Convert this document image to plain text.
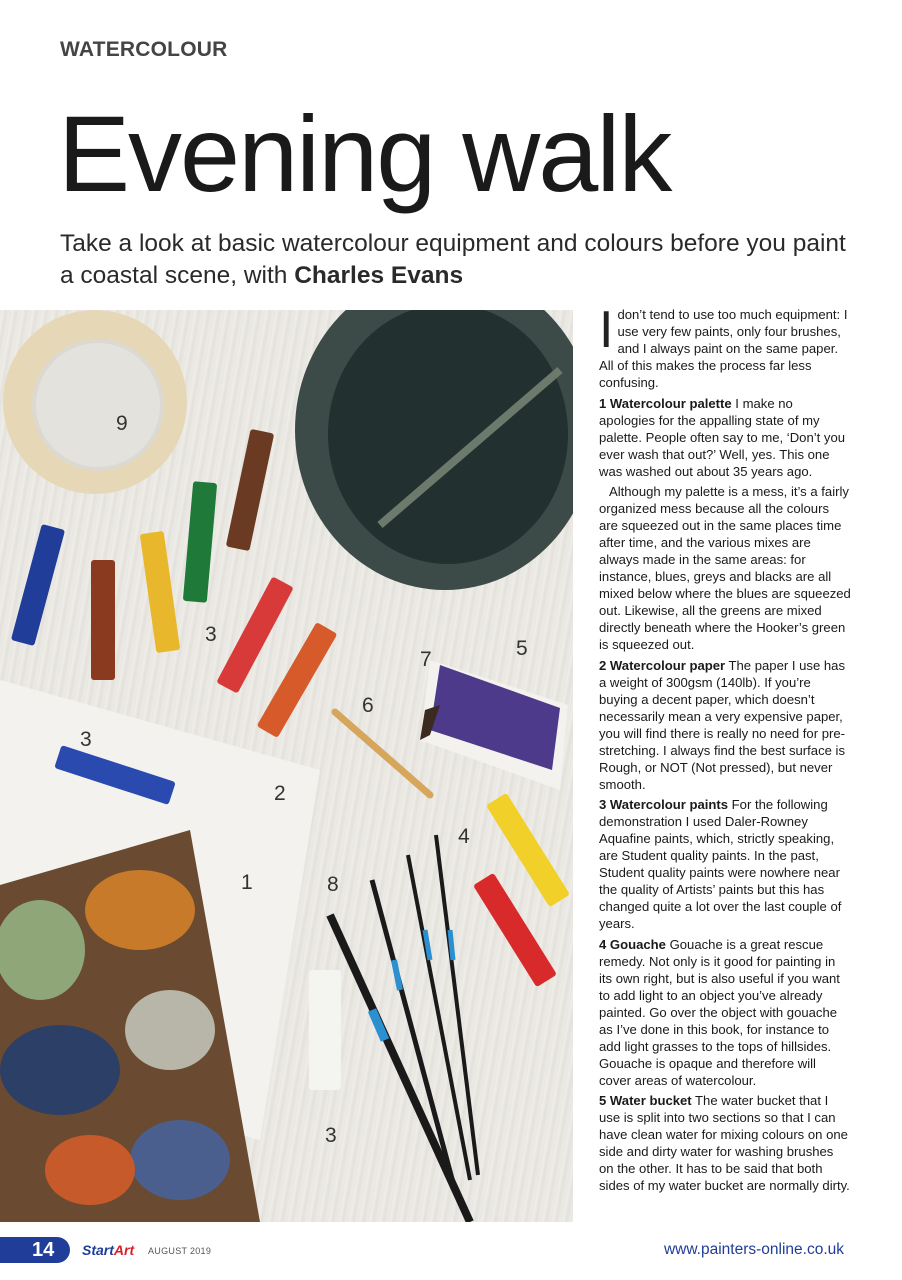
WATERCOLOUR
Evening walk

Take a look at basic watercolour equipment and colours before you paint a coastal scene, with Charles Evans

9
3
7	5
6
3
2
4
1	8
3

Idon’t tend to use too much equipment: I use very few paints, only four brushes, and I always paint on the same paper. All of this makes the process far less confusing.

1 Watercolour palette I make no apologies for the appalling state of my palette. People often say to me, ‘Don’t you ever wash that out?’ Well, yes. This one was washed out about 35 years ago.

Although my palette is a mess, it’s a fairly organized mess because all the colours are squeezed out in the same places time after time, and the various mixes are always made in the same areas: for instance, blues, greys and blacks are all mixed below where the blues are squeezed out. Likewise, all the greens are mixed directly beneath where the Hooker’s green is squeezed out.

2 Watercolour paper The paper I use has a weight of 300gsm (140lb). If you’re buying a decent paper, which doesn’t necessarily mean a very expensive paper, you will find there is really no need for pre-stretching. I always find the best surface is Rough, or NOT (Not pressed), but never smooth.

3 Watercolour paints For the following demonstration I used Daler-Rowney Aquafine paints, which, strictly speaking, are Student quality paints. In the past, Student quality paints were nowhere near the quality of Artists’ paints but this has changed quite a lot over the last couple of years.

4 Gouache Gouache is a great rescue remedy. Not only is it good for painting in its own right, but is also useful if you want to add light to an object you’ve already painted. Go over the object with gouache as I’ve done in this book, for instance to add light grasses to the tops of hillsides. Gouache is opaque and therefore will cover areas of watercolour.

5 Water bucket The water bucket that I use is split into two sections so that I can have clean water for mixing colours on one side and dirty water for washing brushes on the other. It has to be said that both sides of my water bucket are normally dirty.

14	StartArt AUGUST 2019	www.painters-online.co.uk
